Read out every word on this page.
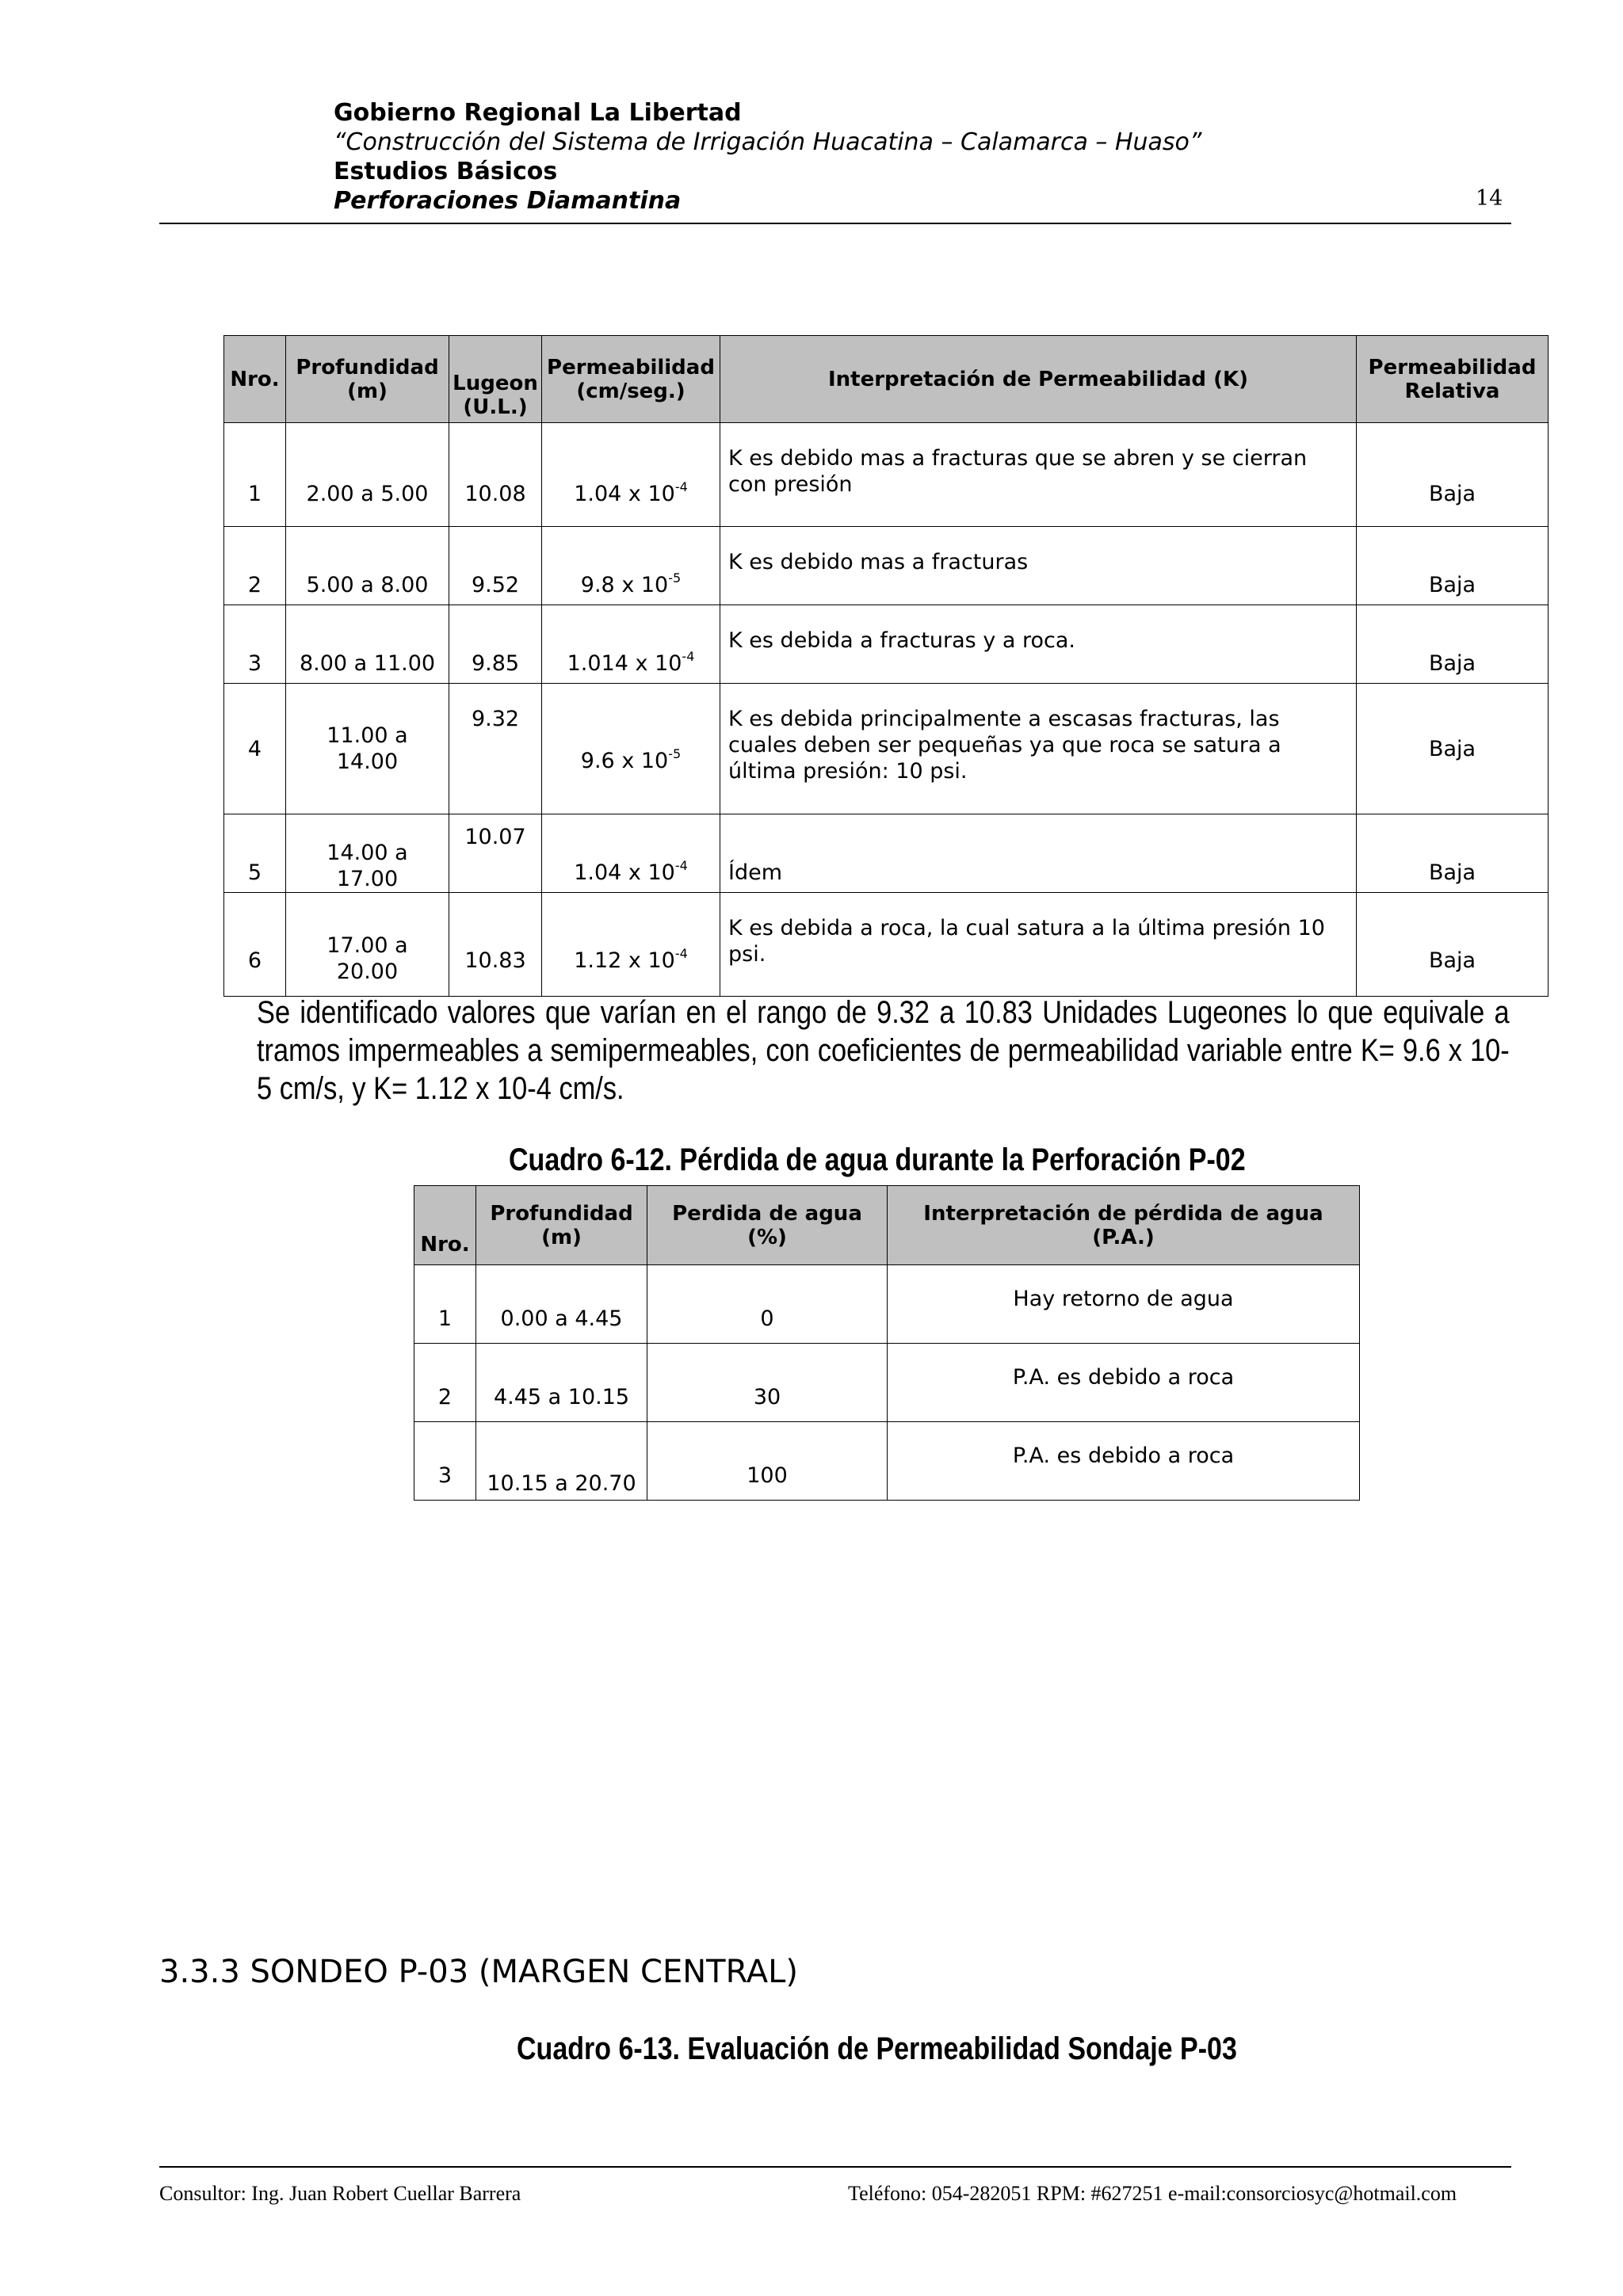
Gobierno Regional La Libertad
“Construcción del Sistema de Irrigación Huacatina – Calamarca – Huaso”
Estudios Básicos
Perforaciones Diamantina	14
Nro.	Profundidad (m)	Lugeon (U.L.)	Permeabilidad (cm/seg.)	Interpretación de Permeabilidad (K)	Permeabilidad Relativa
1	2.00 a 5.00	10.08	1.04 x $10^{-4}$	K es debido mas a fracturas que se abren y se cierran con presión	Baja
2	5.00 a 8.00	9.52	9.8 x $10^{-5}$	K es debido mas a fracturas	Baja
3	8.00 a 11.00	9.85	1.014 x $10^{-4}$	K es debida a fracturas y a roca.	Baja
4	11.00 a 14.00	9.32	9.6 x $10^{-5}$	K es debida principalmente a escasas fracturas, las cuales deben ser pequeñas ya que roca se satura a última presión: 10 psi.	Baja
5	14.00 a 17.00	10.07	1.04 x $10^{-4}$	Ídem	Baja
6	17.00 a 20.00	10.83	1.12 x $10^{-4}$	K es debida a roca, la cual satura a la última presión 10 psi.	Baja
Se identificado valores que varían en el rango de 9.32 a 10.83 Unidades Lugeones lo que equivale a tramos impermeables a semipermeables, con coeficientes de permeabilidad variable entre K= 9.6 x 10-5 cm/s, y K= 1.12 x 10-4 cm/s.
Cuadro 6-12. Pérdida de agua durante la Perforación P-02
Nro.	Profundidad (m)	Perdida de agua (%)	Interpretación de pérdida de agua (P.A.)
1	0.00 a 4.45	0	Hay retorno de agua
2	4.45 a 10.15	30	P.A. es debido a roca
3	10.15 a 20.70	100	P.A. es debido a roca
3.3.3 SONDEO P-03 (MARGEN CENTRAL)
Cuadro 6-13. Evaluación de Permeabilidad Sondaje P-03
Consultor: Ing. Juan Robert Cuellar Barrera	Teléfono: 054-282051 RPM: #627251 e-mail:consorciosyc@hotmail.com
